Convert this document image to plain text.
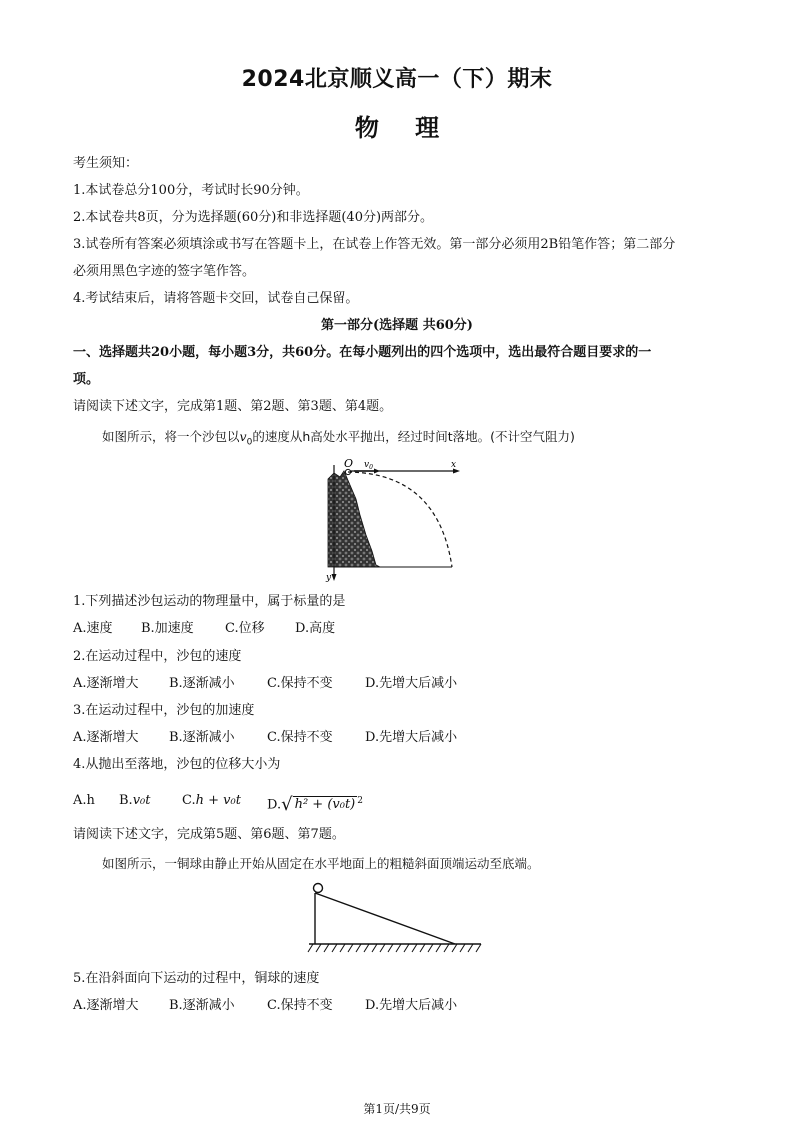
2024北京顺义高一（下）期末
物 理
考生须知：
1.本试卷总分100分，考试时长90分钟。
2.本试卷共8页，分为选择题(60分)和非选择题(40分)两部分。
3.试卷所有答案必须填涂或书写在答题卡上，在试卷上作答无效。第一部分必须用2B铅笔作答；第二部分
必须用黑色字迹的签字笔作答。
4.考试结束后，请将答题卡交回，试卷自己保留。
第一部分(选择题 共60分)
一、选择题共20小题，每小题3分，共60分。在每小题列出的四个选项中，选出最符合题目要求的一
项。
请阅读下述文字，完成第1题、第2题、第3题、第4题。
如图所示，将一个沙包以$v_0$的速度从h高处水平抛出，经过时间t落地。(不计空气阻力)
O $v_0$	x
y
1.下列描述沙包运动的物理量中，属于标量的是
A.速度 B.加速度 C.位移 D.高度
2.在运动过程中，沙包的速度
A.逐渐增大 B.逐渐减小 C.保持不变 D.先增大后减小
3.在运动过程中，沙包的加速度
A.逐渐增大 B.逐渐减小 C.保持不变 D.先增大后减小
4.从抛出至落地，沙包的位移大小为
A.h B.v₀t C.h + v₀t D.√ h² + (v₀t) $^2$
请阅读下述文字，完成第5题、第6题、第7题。
如图所示，一铜球由静止开始从固定在水平地面上的粗糙斜面顶端运动至底端。
5.在沿斜面向下运动的过程中，铜球的速度
A.逐渐增大 B.逐渐减小 C.保持不变 D.先增大后减小
第1页/共9页
